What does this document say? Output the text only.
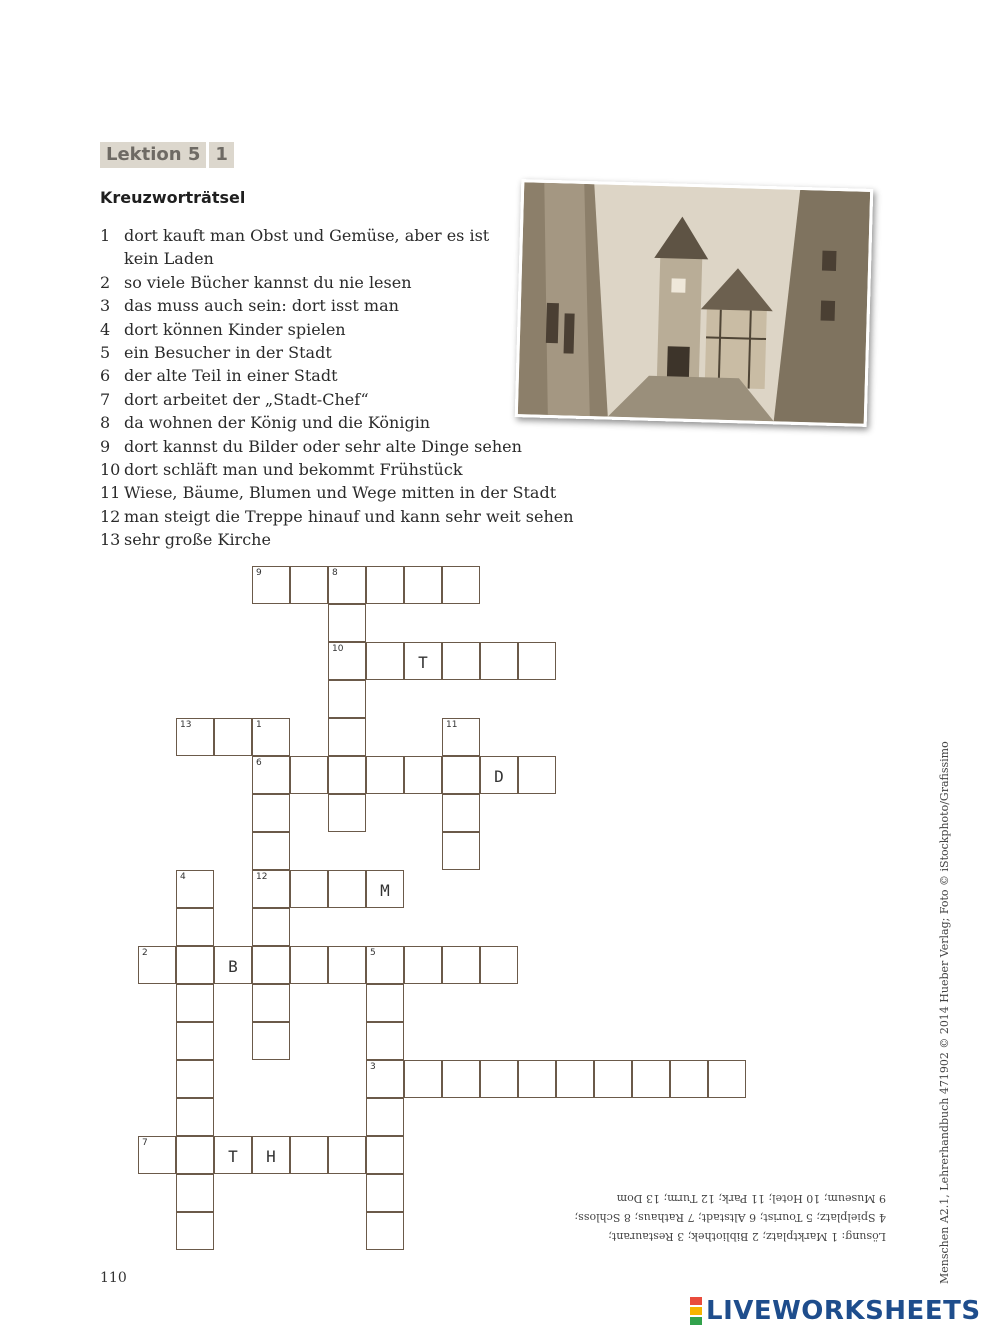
Lektion 5 1
Kreuzworträtsel
1 dort kauft man Obst und Gemüse, aber es ist
kein Laden
2 so viele Bücher kannst du nie lesen
3 das muss auch sein: dort isst man
4 dort können Kinder spielen
5 ein Besucher in der Stadt
6 der alte Teil in einer Stadt
7 dort arbeitet der „Stadt-Chef“
8 da wohnen der König und die Königin
9 dort kannst du Bilder oder sehr alte Dinge sehen
10 dort schläft man und bekommt Frühstück
11 Wiese, Bäume, Blumen und Wege mitten in der Stadt
12 man steigt die Treppe hinauf und kann sehr weit sehen
13 sehr große Kirche
9	8
T
13	1
6
D
12
M
2
B
5
3
7
T	H
10
11
4
Lösung: 1 Marktplatz; 2 Bibliothek; 3 Restaurant;
4 Spielplatz; 5 Tourist; 6 Altstadt; 7 Rathaus; 8 Schloss;
9 Museum; 10 Hotel; 11 Park; 12 Turm; 13 Dom	Menschen A2.1, Lehrerhandbuch 471902 © 2014 Hueber Verlag; Foto © iStockphoto/Grafissimo
110
LIVEWORKSHEETS
